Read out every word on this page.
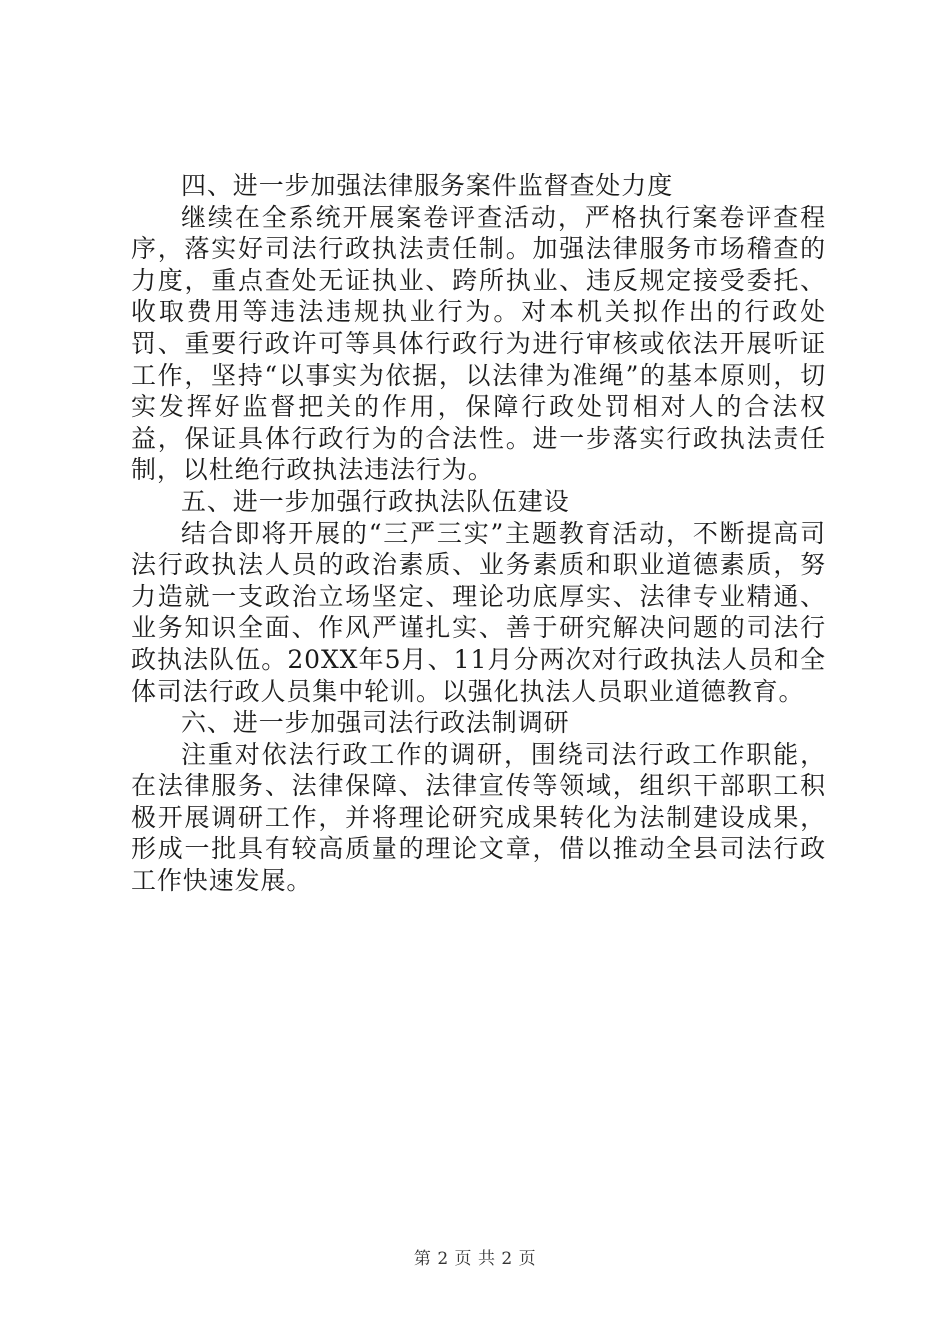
四、进一步加强法律服务案件监督查处力度

继续在全系统开展案卷评查活动，严格执行案卷评查程序，落实好司法行政执法责任制。加强法律服务市场稽查的力度，重点查处无证执业、跨所执业、违反规定接受委托、收取费用等违法违规执业行为。对本机关拟作出的行政处罚、重要行政许可等具体行政行为进行审核或依法开展听证工作，坚持“以事实为依据，以法律为准绳”的基本原则，切实发挥好监督把关的作用，保障行政处罚相对人的合法权益，保证具体行政行为的合法性。进一步落实行政执法责任制，以杜绝行政执法违法行为。

五、进一步加强行政执法队伍建设

结合即将开展的“三严三实”主题教育活动，不断提高司法行政执法人员的政治素质、业务素质和职业道德素质，努力造就一支政治立场坚定、理论功底厚实、法律专业精通、业务知识全面、作风严谨扎实、善于研究解决问题的司法行政执法队伍。20XX年5月、11月分两次对行政执法人员和全体司法行政人员集中轮训。以强化执法人员职业道德教育。

六、进一步加强司法行政法制调研

注重对依法行政工作的调研，围绕司法行政工作职能，在法律服务、法律保障、法律宣传等领域，组织干部职工积极开展调研工作，并将理论研究成果转化为法制建设成果，形成一批具有较高质量的理论文章，借以推动全县司法行政工作快速发展。

第 2 页 共 2 页
